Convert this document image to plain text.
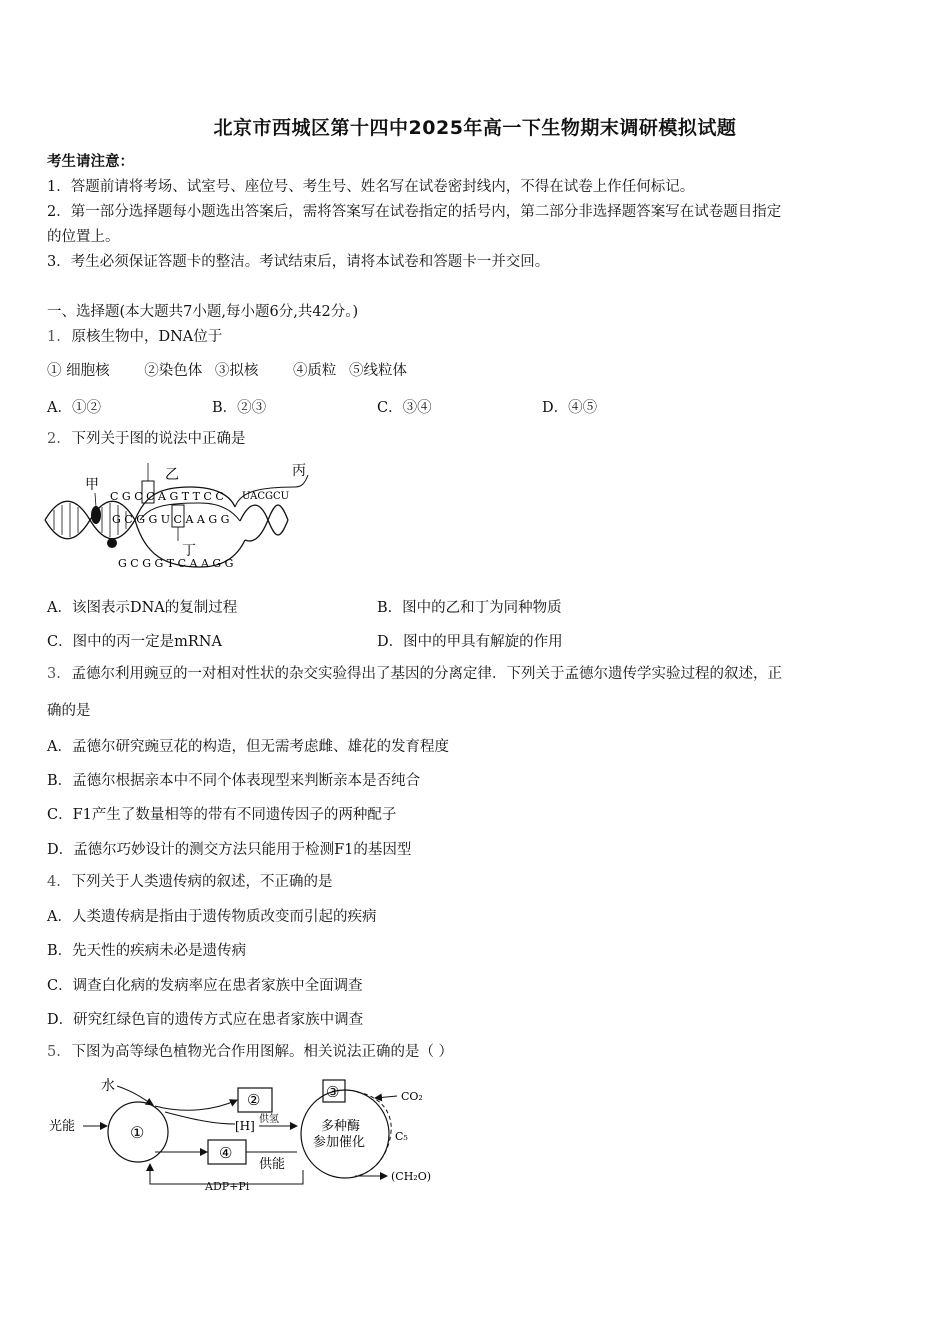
北京市西城区第十四中2025年高一下生物期末调研模拟试题
考生请注意：
1．答题前请将考场、试室号、座位号、考生号、姓名写在试卷密封线内，不得在试卷上作任何标记。
2．第一部分选择题每小题选出答案后，需将答案写在试卷指定的括号内，第二部分非选择题答案写在试卷题目指定
的位置上。
3．考生必须保证答题卡的整洁。考试结束后，请将本试卷和答题卡一并交回。
一、选择题(本大题共7小题,每小题6分,共42分。)
1. 原核生物中，DNA位于
① 细胞核 ②染色体 ③拟核 ④质粒 ⑤线粒体
A．①②	B．②③	C．③④	D．④⑤
2. 下列关于图的说法中正确是
甲
乙	丙
丁
C G C C A G T T C C
G C G G U C A A G G
G C G G T C A A G G
UACGCU
A．该图表示DNA的复制过程	B．图中的乙和丁为同种物质
C．图中的丙一定是mRNA	D．图中的甲具有解旋的作用
3. 孟德尔利用豌豆的一对相对性状的杂交实验得出了基因的分离定律．下列关于孟德尔遗传学实验过程的叙述，正
确的是
A．孟德尔研究豌豆花的构造，但无需考虑雌、雄花的发育程度
B．孟德尔根据亲本中不同个体表现型来判断亲本是否纯合
C．F1产生了数量相等的带有不同遗传因子的两种配子
D．孟德尔巧妙设计的测交方法只能用于检测F1的基因型
4. 下列关于人类遗传病的叙述，不正确的是
A．人类遗传病是指由于遗传物质改变而引起的疾病
B．先天性的疾病未必是遗传病
C．调查白化病的发病率应在患者家族中全面调查
D．研究红绿色盲的遗传方式应在患者家族中调查
5. 下图为高等绿色植物光合作用图解。相关说法正确的是（ ）
光能	①
水
②
[H] 供氢
④
供能
ADP+Pi
多种酶
参加催化
③	CO₂
C₅
(CH₂O)
